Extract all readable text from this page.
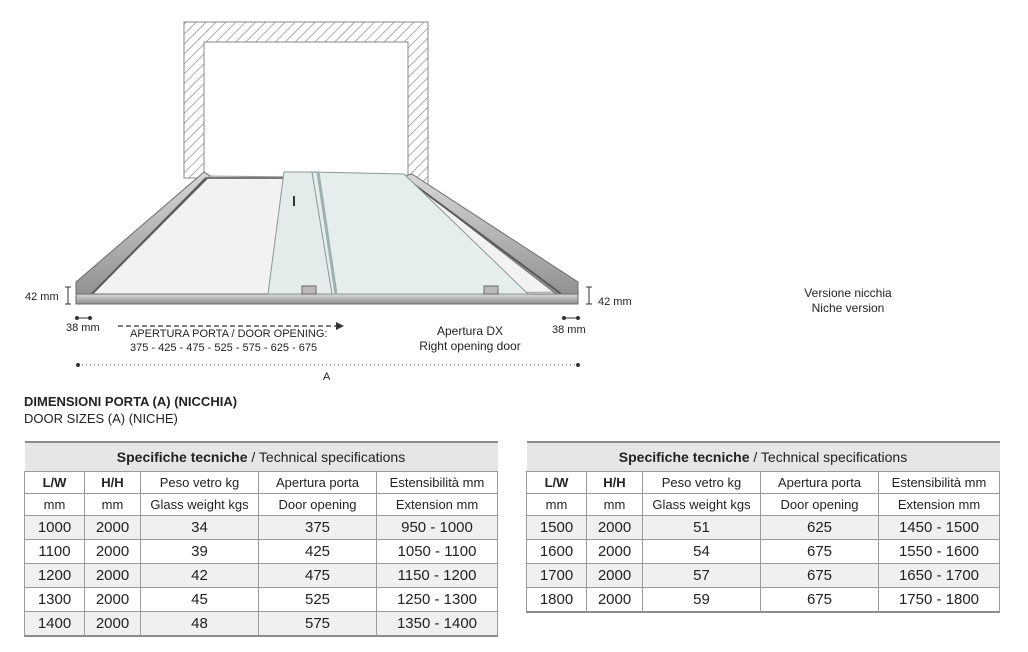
42 mm	42 mm
38 mm	38 mm
APERTURA PORTA / DOOR OPENING:
375 - 425 - 475 - 525 - 575 - 625 - 675
A
Apertura DX
Right opening door
Versione nicchia
Niche version
DIMENSIONI PORTA (A) (NICCHIA)
DOOR SIZES (A) (NICHE)
Specifiche tecniche / Technical specifications				
L/W	H/H	Peso vetro kg	Apertura porta	Estensibilità mm
mm	mm	Glass weight kgs	Door opening	Extension mm
1000	2000	34	375	950 - 1000
1100	2000	39	425	1050 - 1100
1200	2000	42	475	1150 - 1200
1300	2000	45	525	1250 - 1300
1400	2000	48	575	1350 - 1400
Specifiche tecniche / Technical specifications				
L/W	H/H	Peso vetro kg	Apertura porta	Estensibilità mm
mm	mm	Glass weight kgs	Door opening	Extension mm
1500	2000	51	625	1450 - 1500
1600	2000	54	675	1550 - 1600
1700	2000	57	675	1650 - 1700
1800	2000	59	675	1750 - 1800
